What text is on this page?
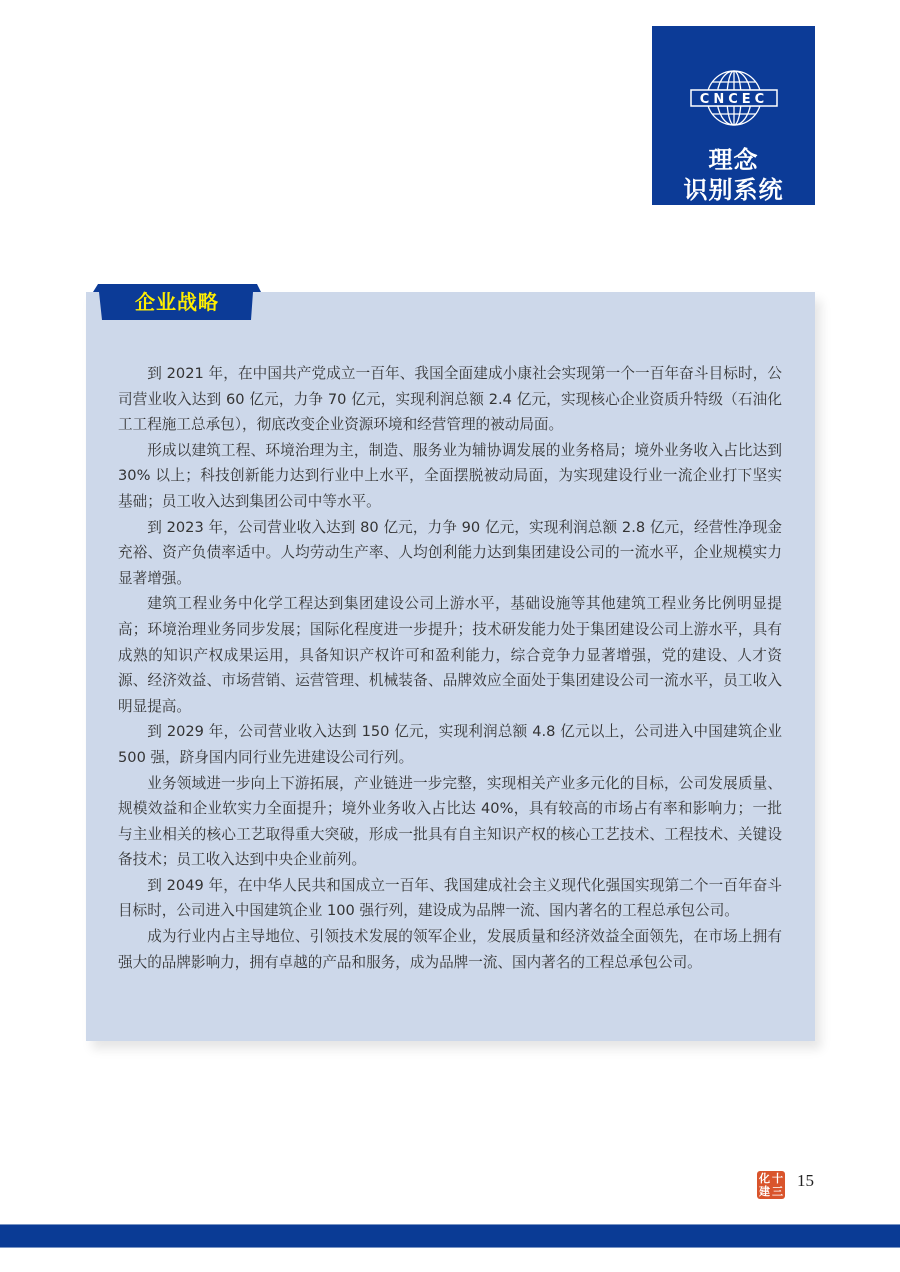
CNCEC
理念
识别系统
企业战略

到 2021 年，在中国共产党成立一百年、我国全面建成小康社会实现第一个一百年奋斗目标时，公司营业收入达到 60 亿元，力争 70 亿元，实现利润总额 2.4 亿元，实现核心企业资质升特级（石油化工工程施工总承包），彻底改变企业资源环境和经营管理的被动局面。

形成以建筑工程、环境治理为主，制造、服务业为辅协调发展的业务格局；境外业务收入占比达到 30% 以上；科技创新能力达到行业中上水平，全面摆脱被动局面，为实现建设行业一流企业打下坚实基础；员工收入达到集团公司中等水平。

到 2023 年，公司营业收入达到 80 亿元，力争 90 亿元，实现利润总额 2.8 亿元，经营性净现金充裕、资产负债率适中。人均劳动生产率、人均创利能力达到集团建设公司的一流水平，企业规模实力显著增强。

建筑工程业务中化学工程达到集团建设公司上游水平，基础设施等其他建筑工程业务比例明显提高；环境治理业务同步发展；国际化程度进一步提升；技术研发能力处于集团建设公司上游水平，具有成熟的知识产权成果运用，具备知识产权许可和盈利能力，综合竞争力显著增强，党的建设、人才资源、经济效益、市场营销、运营管理、机械装备、品牌效应全面处于集团建设公司一流水平，员工收入明显提高。

到 2029 年，公司营业收入达到 150 亿元，实现利润总额 4.8 亿元以上，公司进入中国建筑企业 500 强，跻身国内同行业先进建设公司行列。

业务领域进一步向上下游拓展，产业链进一步完整，实现相关产业多元化的目标，公司发展质量、规模效益和企业软实力全面提升；境外业务收入占比达 40%，具有较高的市场占有率和影响力；一批与主业相关的核心工艺取得重大突破，形成一批具有自主知识产权的核心工艺技术、工程技术、关键设备技术；员工收入达到中央企业前列。

到 2049 年，在中华人民共和国成立一百年、我国建成社会主义现代化强国实现第二个一百年奋斗目标时，公司进入中国建筑企业 100 强行列，建设成为品牌一流、国内著名的工程总承包公司。

成为行业内占主导地位、引领技术发展的领军企业，发展质量和经济效益全面领先，在市场上拥有强大的品牌影响力，拥有卓越的产品和服务，成为品牌一流、国内著名的工程总承包公司。

十
三
化
建
15
